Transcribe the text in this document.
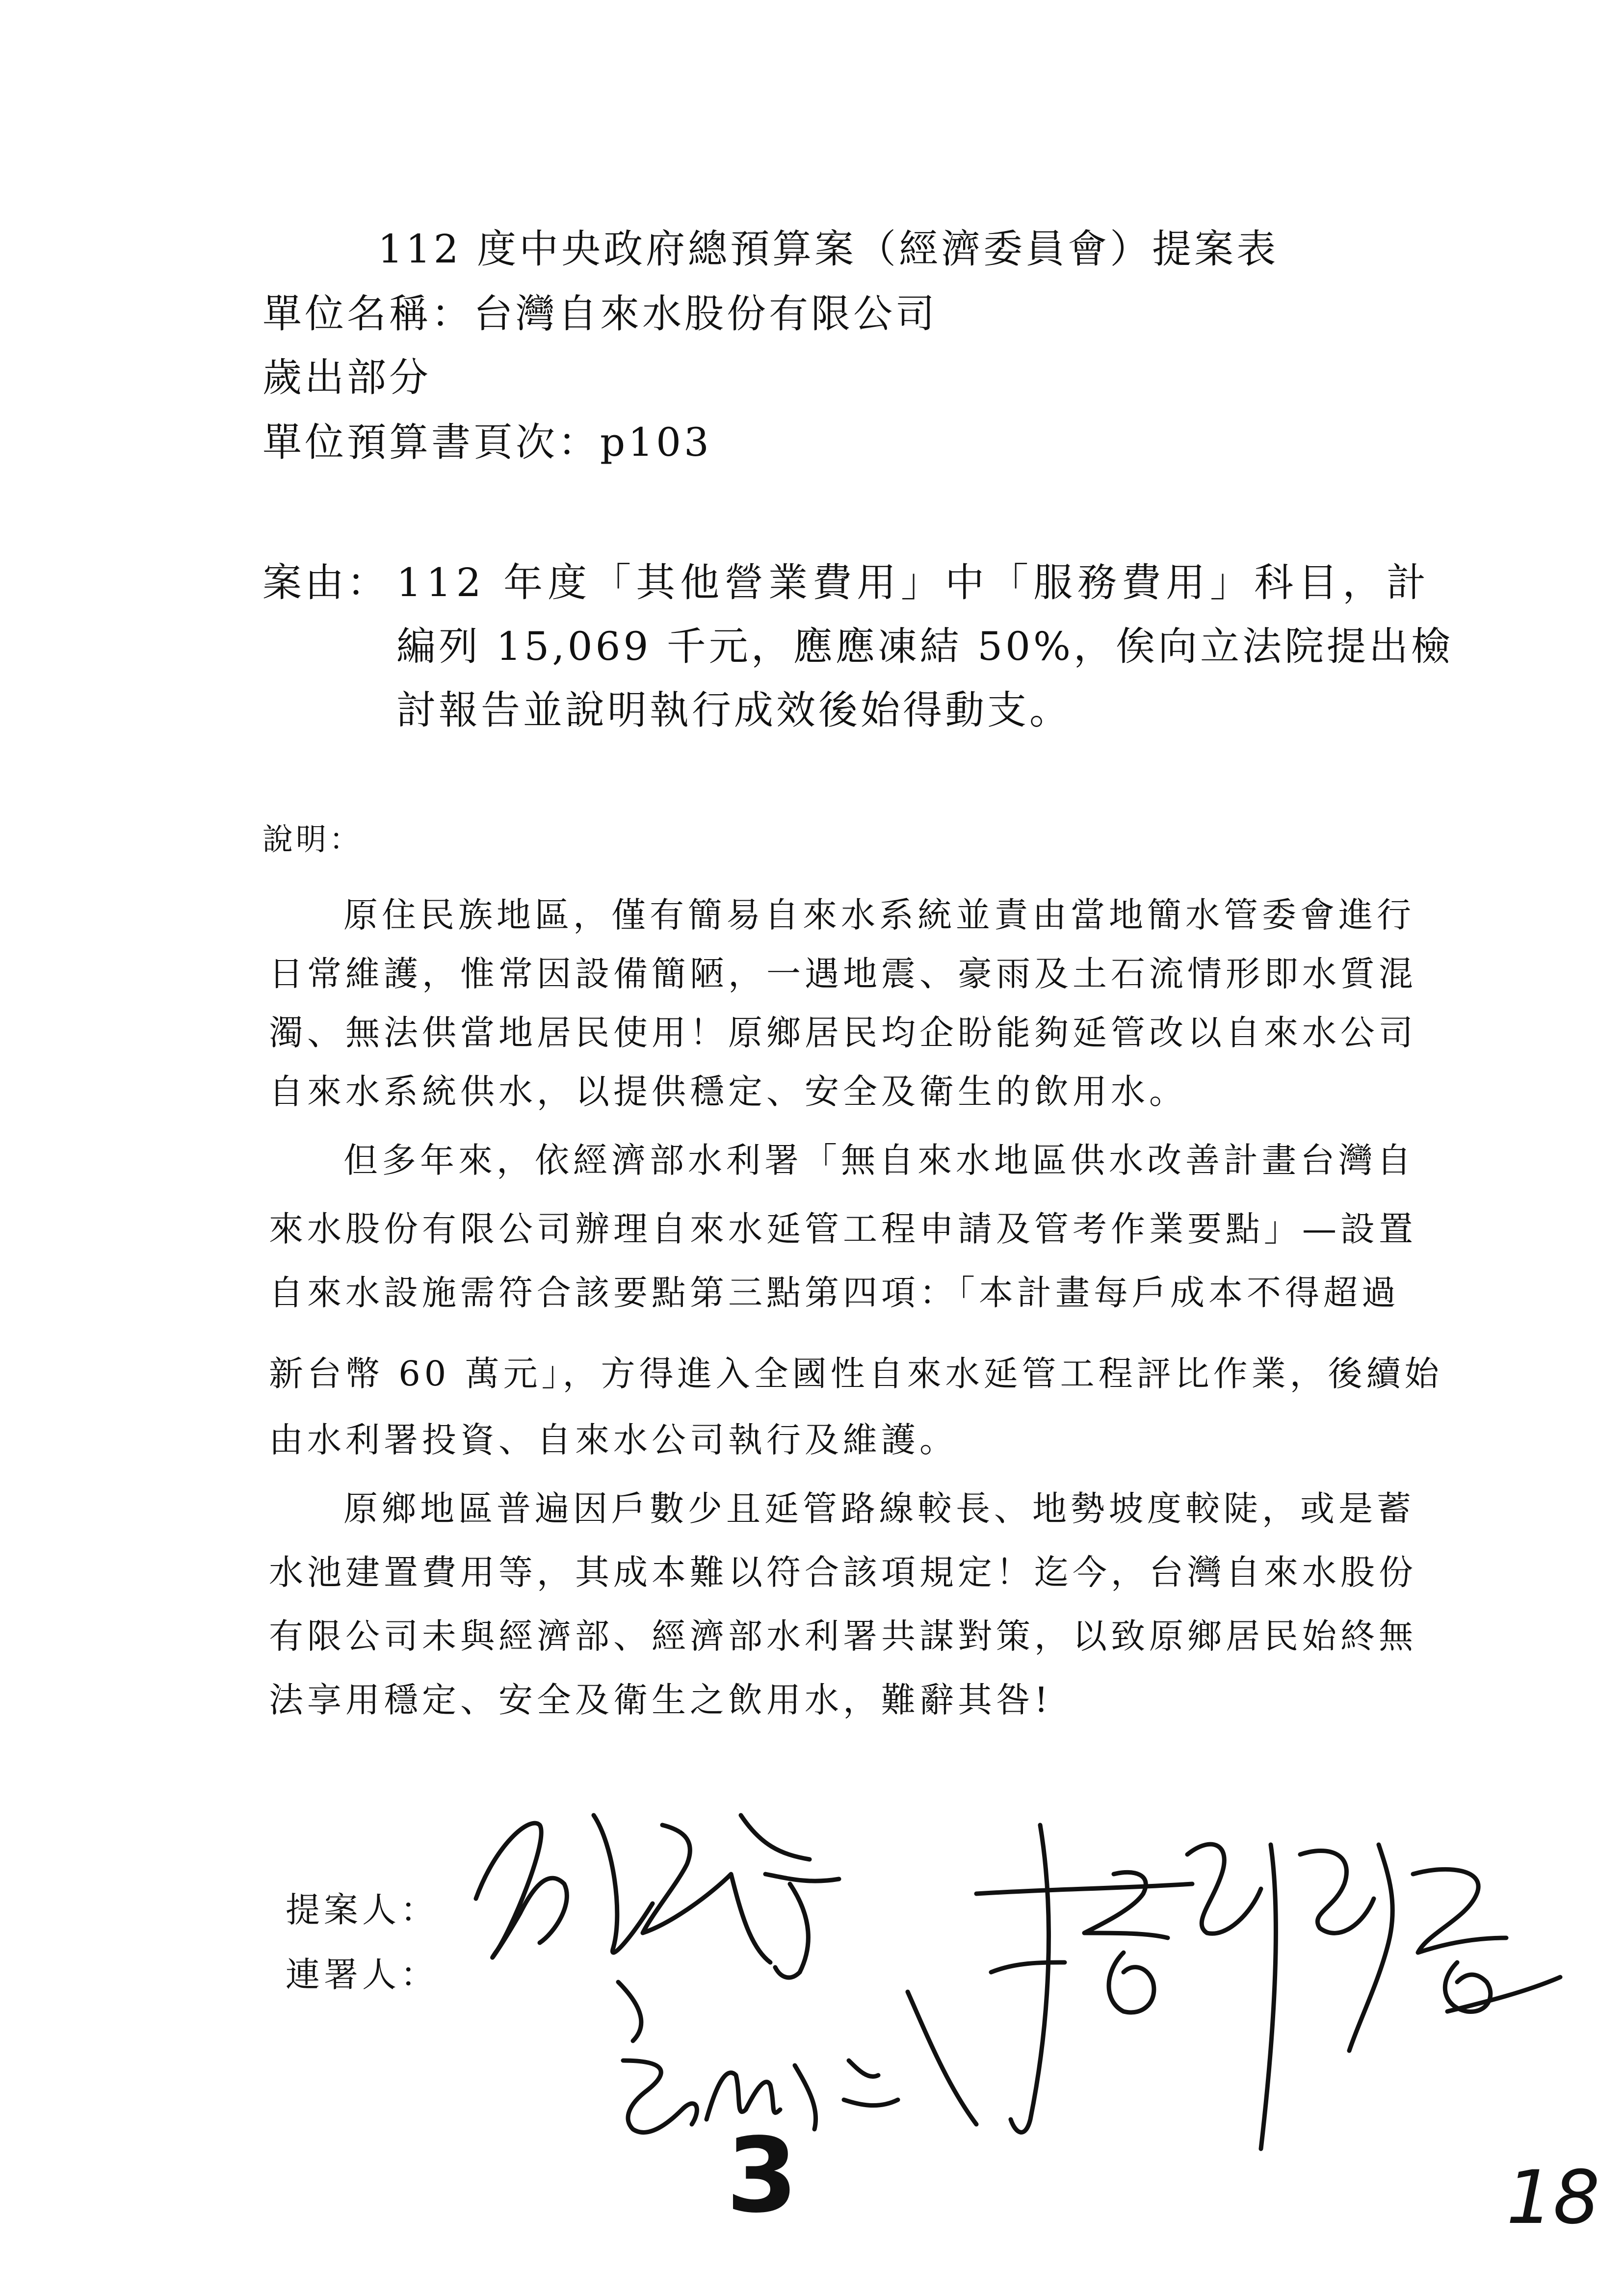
112 度中央政府總預算案（經濟委員會）提案表
單位名稱：台灣自來水股份有限公司
歲出部分
單位預算書頁次：p103
案由： 112 年度「其他營業費用」中「服務費用」科目，計
編列 15,069 千元，應應凍結 50%，俟向立法院提出檢
討報告並說明執行成效後始得動支。
說明：
原住民族地區，僅有簡易自來水系統並責由當地簡水管委會進行
日常維護，惟常因設備簡陋，一遇地震、豪雨及土石流情形即水質混
濁、無法供當地居民使用！原鄉居民均企盼能夠延管改以自來水公司
自來水系統供水，以提供穩定、安全及衛生的飲用水。
但多年來，依經濟部水利署「無自來水地區供水改善計畫台灣自
來水股份有限公司辦理自來水延管工程申請及管考作業要點」—設置
自來水設施需符合該要點第三點第四項：「本計畫每戶成本不得超過
新台幣 60 萬元」，方得進入全國性自來水延管工程評比作業，後續始
由水利署投資、自來水公司執行及維護。
原鄉地區普遍因戶數少且延管路線較長、地勢坡度較陡，或是蓄
水池建置費用等，其成本難以符合該項規定！迄今，台灣自來水股份
有限公司未與經濟部、經濟部水利署共謀對策，以致原鄉居民始終無
法享用穩定、安全及衛生之飲用水，難辭其咎!
提案人：
連署人：
3	18
